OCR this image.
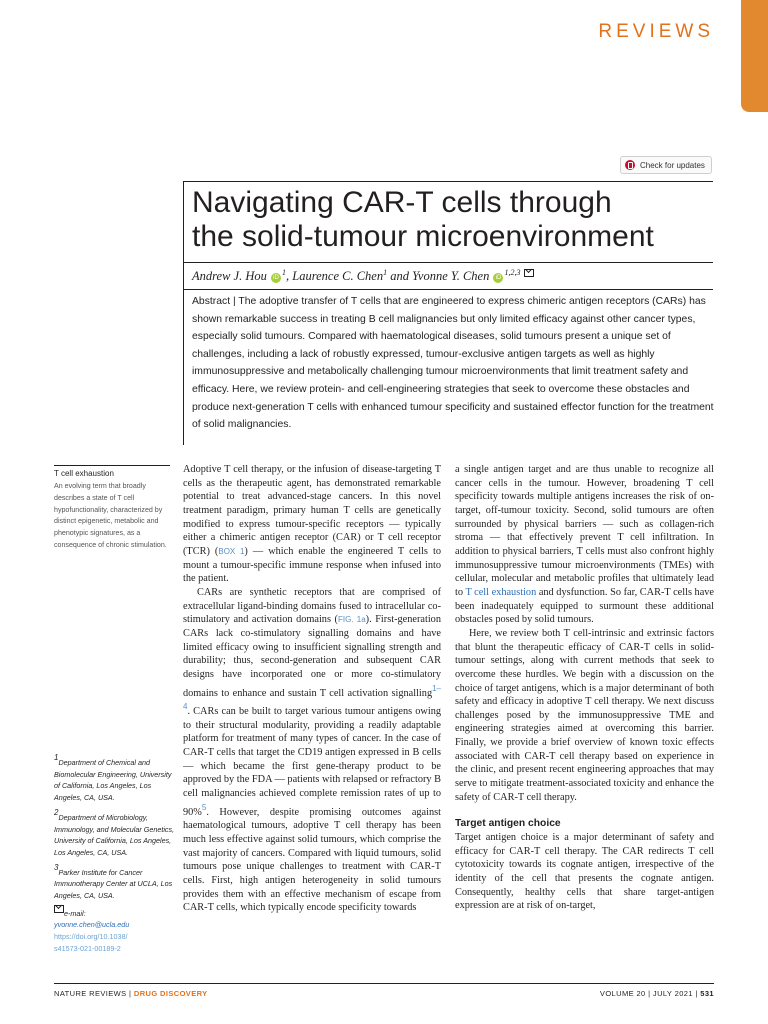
REVIEWS
Check for updates
Navigating CAR-T cells through
the solid-tumour microenvironment
Andrew J. Hou $iD^1$, Laurence C. Chen$^1$ and Yvonne Y. Chen iD$^{1,2,3}$
Abstract | The adoptive transfer of T cells that are engineered to express chimeric antigen receptors (CARs) has shown remarkable success in treating B cell malignancies but only limited efficacy against other cancer types, especially solid tumours. Compared with haematological diseases, solid tumours present a unique set of challenges, including a lack of robustly expressed, tumour-exclusive antigen targets as well as highly immunosuppressive and metabolically challenging tumour microenvironments that limit treatment safety and efficacy. Here, we review protein- and cell-engineering strategies that seek to overcome these obstacles and produce next-generation T cells with enhanced tumour specificity and sustained effector function for the treatment of solid malignancies.
T cell exhaustion
An evolving term that broadly describes a state of T cell hypofunctionality, characterized by distinct epigenetic, metabolic and phenotypic signatures, as a consequence of chronic stimulation.
1Department of Chemical and Biomolecular Engineering, University of California, Los Angeles, Los Angeles, CA, USA.
2Department of Microbiology, Immunology, and Molecular Genetics, University of California, Los Angeles, Los Angeles, CA, USA.
3Parker Institute for Cancer Immunotherapy Center at UCLA, Los Angeles, CA, USA.
e-mail:
yvonne.chen@ucla.edu
https://doi.org/10.1038/
s41573-021-00189-2

Adoptive T cell therapy, or the infusion of disease-targeting T cells as the therapeutic agent, has demonstrated remarkable potential to treat advanced-stage cancers. In this novel treatment paradigm, primary human T cells are genetically modified to express tumour-specific receptors — typically either a chimeric antigen receptor (CAR) or T cell receptor (TCR) (BOX 1) — which enable the engineered T cells to mount a tumour-specific immune response when infused into the patient.

CARs are synthetic receptors that are comprised of extracellular ligand-binding domains fused to intracellular co-stimulatory and activation domains (FIG. 1a). First-generation CARs lack co-stimulatory signalling domains and have limited efficacy owing to insufficient signalling strength and durability; thus, second-generation and subsequent CAR designs have incorporated one or more co-stimulatory domains to enhance and sustain T cell activation signalling$^{1-4}$. CARs can be built to target various tumour antigens owing to their structural modularity, providing a readily adaptable platform for treatment of many types of cancer. In the case of CAR-T cells that target the CD19 antigen expressed in B cells — which became the first gene-therapy product to be approved by the FDA — patients with relapsed or refractory B cell malignancies achieved complete remission rates of up to 90%$^5$. However, despite promising outcomes against haematological tumours, adoptive T cell therapy has been much less effective against solid tumours, which comprise the vast majority of cancers. Compared with liquid tumours, solid tumours pose unique challenges to treatment with CAR-T cells. First, high antigen heterogeneity in solid tumours provides them with an effective mechanism of escape from CAR-T cells, which typically encode specificity towards

a single antigen target and are thus unable to recognize all cancer cells in the tumour. However, broadening T cell specificity towards multiple antigens increases the risk of on-target, off-tumour toxicity. Second, solid tumours are often surrounded by physical barriers — such as collagen-rich stroma — that effectively prevent T cell infiltration. In addition to physical barriers, T cells must also confront highly immunosuppressive tumour microenvironments (TMEs) with cellular, molecular and metabolic profiles that ultimately lead to T cell exhaustion and dysfunction. So far, CAR-T cells have been inadequately equipped to surmount these additional obstacles posed by solid tumours.

Here, we review both T cell-intrinsic and extrinsic factors that blunt the therapeutic efficacy of CAR-T cells in solid-tumour settings, along with current methods that seek to overcome these hurdles. We begin with a discussion on the choice of target antigens, which is a major determinant of both safety and efficacy in adoptive T cell therapy. We next discuss challenges posed by the immunosuppressive TME and engineering strategies aimed at overcoming this barrier. Finally, we provide a brief overview of known toxic effects associated with CAR-T cell therapy based on experience in the clinic, and present recent engineering approaches that may serve to mitigate treatment-associated toxicity and enhance the safety of CAR-T cell therapy.

Target antigen choice

Target antigen choice is a major determinant of safety and efficacy for CAR-T cell therapy. The CAR redirects T cell cytotoxicity towards its cognate antigen, irrespective of the identity of the cell that presents the cognate antigen. Consequently, healthy cells that share target-antigen expression are at risk of on-target,

NATURE REVIEWS | DRUG DISCOVERY	VOLUME 20 | JULY 2021 | 531
